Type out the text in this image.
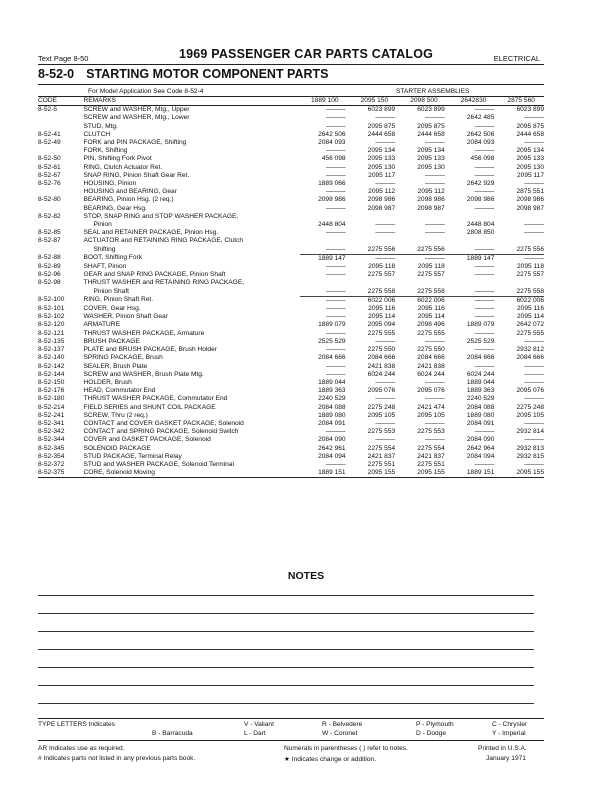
Text Page 8-50	1969 PASSENGER CAR PARTS CATALOG	ELECTRICAL
8-52-0 STARTING MOTOR COMPONENT PARTS
For Model Application See Code 8-52-4	STARTER ASSEMBLIES
CODE	REMARKS	1889 100	2095 150	2098 500	2642830	2875 560
8-52-5	SCREW and WASHER, Mtg., Upper	———	6023 899	6023 899	———	6023 899
	SCREW and WASHER, Mtg., Lower	———	———	———	2642 485	———
	STUD, Mtg.	———	2095 875	2095 875	———	2095 875
8-52-41	CLUTCH	2642 506	2444 658	2444 658	2642 506	2444 658
8-52-49	FORK and PIN PACKAGE, Shifting	2084 093	———	———	2084 093	———
	FORK, Shifting	———	2095 134	2095 134	———	2095 134
8-52-50	PIN, Shifting Fork Pivot	456 098	2095 133	2095 133	456 098	2095 133
8-52-61	RING, Clutch Actuator Ret.	———	2095 130	2095 130	———	2095 130
8-52-67	SNAP RING, Pinion Shaft Gear Ret.	———	2095 117	———	———	2095 117
8-52-76	HOUSING, Pinion	1889 066	———	———	2642 929	———
	HOUSING and BEARING, Gear	———	2095 112	2095 112	———	2875 551
8-52-80	BEARING, Pinion Hsg. (2 req.)	2098 986	2098 986	2098 986	2098 986	2098 986
	BEARING, Gear Hsg.	———	2098 987	2098 987	———	2098 987
8-52-82	STOP, SNAP RING and STOP WASHER PACKAGE,					
	Pinion	2448 804	———	———	2448 804	———
8-52-85	SEAL and RETAINER PACKAGE, Pinion Hsg.	———	———	———	2808 850	———
8-52-87	ACTUATOR and RETAINING RING PACKAGE, Clutch					
	Shifting	———	2275 556	2275 556	———	2275 556
8-52-88	BOOT, Shifting Fork	1889 147	———	———	1889 147	———
8-52-89	SHAFT, Pinion	———	2095 118	2095 118	———	2095 118
8-52-96	GEAR and SNAP RING PACKAGE, Pinion Shaft	———	2275 557	2275 557	———	2275 557
8-52-98	THRUST WASHER and RETAINING RING PACKAGE,					
	Pinion Shaft	———	2275 558	2275 558	———	2275 558
8-52-100	RING, Pinion Shaft Ret.	———	6022 006	6022 006	———	6022 006
8-52-101	COVER, Gear Hsg.	———	2095 116	2095 116	———	2095 116
8-52-102	WASHER, Pinion Shaft Gear	———	2095 114	2095 114	———	2095 114
8-52-120	ARMATURE	1889 079	2095 094	2098 496	1889 079	2642 072
8-52-121	THRUST WASHER PACKAGE, Armature	———	2275 555	2275 555	———	2275 555
8-52-135	BRUSH PACKAGE	2525 529	———	———	2525 529	———
8-52-137	PLATE and BRUSH PACKAGE, Brush Holder	———	2275 550	2275 550	———	2932 812
8-52-140	SPRING PACKAGE, Brush	2084 666	2084 666	2084 666	2084 666	2084 666
8-52-142	SEALER, Brush Plate	———	2421 838	2421 838	———	———
8-52-144	SCREW and WASHER, Brush Plate Mtg.	———	6024 244	6024 244	6024 244	———
8-52-150	HOLDER, Brush	1889 044	———	———	1889 044	———
8-52-176	HEAD, Commutator End	1889 363	2095 076	2095 076	1889 363	2095 076
8-52-180	THRUST WASHER PACKAGE, Commutator End	2240 529	———	———	2240 529	———
8-52-214	FIELD SERIES and SHUNT COIL PACKAGE	2084 088	2275 248	2421 474	2084 088	2275 248
8-52-241	SCREW, Thru (2 req.)	1889 080	2095 105	2095 105	1889 080	2095 105
8-52-341	CONTACT and COVER GASKET PACKAGE, Solenoid	2084 091	———	———	2084 091	———
8-52-342	CONTACT and SPRING PACKAGE, Solenoid Switch	———	2275 553	2275 553	———	2932 814
8-52-344	COVER and GASKET PACKAGE, Solenoid	2084 090	———	———	2084 090	———
8-52-345	SOLENOID PACKAGE	2642 961	2275 554	2275 554	2642 964	2932 813
8-52-354	STUD PACKAGE, Terminal Relay	2084 094	2421 837	2421 837	2084 094	2932 815
8-52-372	STUD and WASHER PACKAGE, Solenoid Terminal	———	2275 551	2275 551	———	———
8-52-375	CORE, Solenoid Moving	1889 151	2095 155	2095 155	1889 151	2095 155
NOTES
TYPE LETTERS Indicates
B - Barracuda
V - Valiant
L - Dart
R - Belvedere
W - Coronet
P - Plymouth
D - Dodge
C - Chrysler
Y - Imperial
AR Indicates use as required.
# Indicates parts not listed in any previous parts book.
Numerals in parentheses ( ) refer to notes.
★ Indicates change or addition.
Printed in U.S.A.
January 1971
